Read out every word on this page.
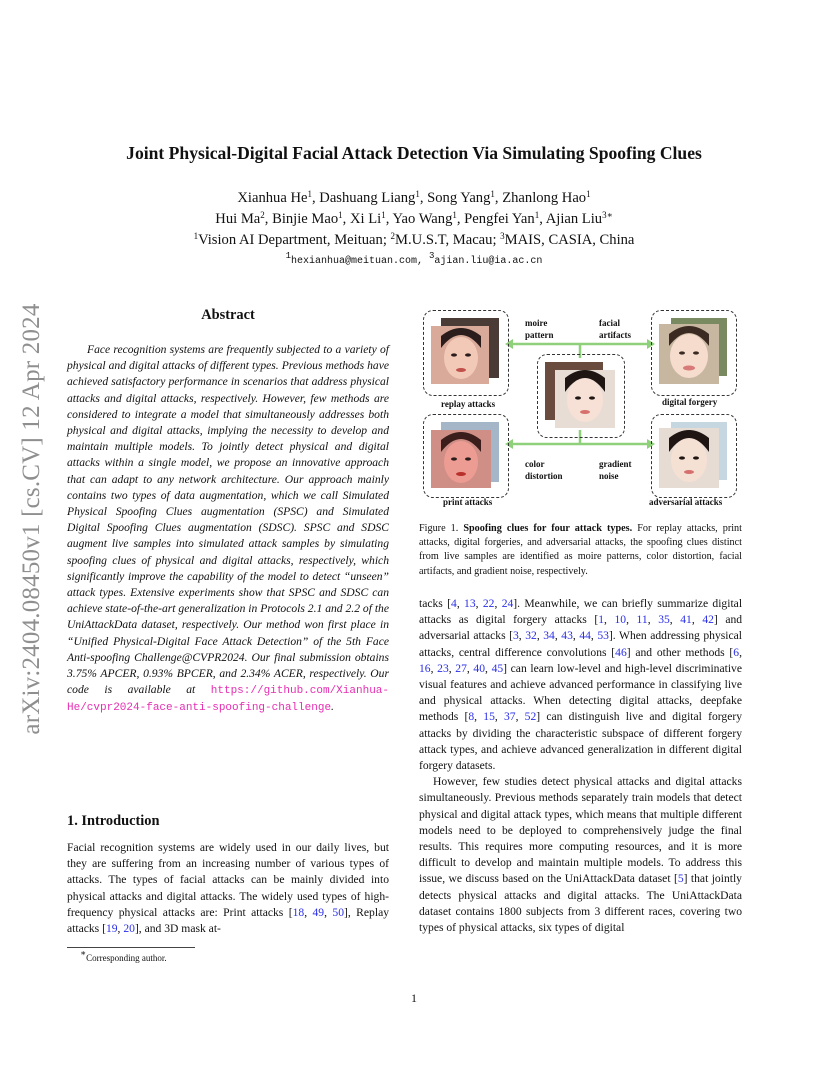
arXiv:2404.08450v1 [cs.CV] 12 Apr 2024
Joint Physical-Digital Facial Attack Detection Via Simulating Spoofing Clues
Xianhua He$^1$, Dashuang Liang$^1$, Song Yang$^1$, Zhanlong Hao$^1$
Hui Ma$^2$, Binjie Mao$^1$, Xi Li$^1$, Yao Wang$^1$, Pengfei Yan$^1$, Ajian Liu$^{3∗}$
$^1$Vision AI Department, Meituan; $^2$M.U.S.T, Macau; $^3$MAIS, CASIA, China
$^1$hexianhua@meituan.com, $^3$ajian.liu@ia.ac.cn
Abstract
Face recognition systems are frequently subjected to a variety of physical and digital attacks of different types. Previous methods have achieved satisfactory performance in scenarios that address physical attacks and digital attacks, respectively. However, few methods are considered to integrate a model that simultaneously addresses both physical and digital attacks, implying the necessity to develop and maintain multiple models. To jointly detect physical and digital attacks within a single model, we propose an innovative approach that can adapt to any network architecture. Our approach mainly contains two types of data augmentation, which we call Simulated Physical Spoofing Clues augmentation (SPSC) and Simulated Digital Spoofing Clues augmentation (SDSC). SPSC and SDSC augment live samples into simulated attack samples by simulating spoofing clues of physical and digital attacks, respectively, which significantly improve the capability of the model to detect “unseen” attack types. Extensive experiments show that SPSC and SDSC can achieve state-of-the-art generalization in Protocols 2.1 and 2.2 of the UniAttackData dataset, respectively. Our method won first place in “Unified Physical-Digital Face Attack Detection” of the 5th Face Anti-spoofing Challenge@CVPR2024. Our final submission obtains 3.75% APCER, 0.93% BPCER, and 2.34% ACER, respectively. Our code is available at https://github.com/Xianhua-He/cvpr2024-face-anti-spoofing-challenge.
1. Introduction
Facial recognition systems are widely used in our daily lives, but they are suffering from an increasing number of various types of attacks. The types of facial attacks can be mainly divided into physical attacks and digital attacks. The widely used types of high-frequency physical attacks are: Print attacks [18, 49, 50], Replay attacks [19, 20], and 3D mask at-
∗Corresponding author.
1
moire pattern
facial artifacts
color distortion
gradient noise
replay attacks	digital forgery
print attacks	adversarial attacks
Figure 1. Spoofing clues for four attack types. For replay attacks, print attacks, digital forgeries, and adversarial attacks, the spoofing clues distinct from live samples are identified as moire patterns, color distortion, facial artifacts, and gradient noise, respectively.

tacks [4, 13, 22, 24]. Meanwhile, we can briefly summarize digital attacks as digital forgery attacks [1, 10, 11, 35, 41, 42] and adversarial attacks [3, 32, 34, 43, 44, 53]. When addressing physical attacks, central difference convolutions [46] and other methods [6, 16, 23, 27, 40, 45] can learn low-level and high-level discriminative visual features and achieve advanced performance in classifying live and physical attacks. When detecting digital attacks, deepfake methods [8, 15, 37, 52] can distinguish live and digital forgery attacks by dividing the characteristic subspace of different forgery attack types, and achieve advanced generalization in different digital forgery datasets.

However, few studies detect physical attacks and digital attacks simultaneously. Previous methods separately train models that detect physical and digital attack types, which means that multiple different models need to be deployed to comprehensively judge the final results. This requires more computing resources, and it is more difficult to develop and maintain multiple models. To address this issue, we discuss based on the UniAttackData dataset [5] that jointly detects physical attacks and digital attacks. The UniAttackData dataset contains 1800 subjects from 3 different races, covering two types of physical attacks, six types of digital
